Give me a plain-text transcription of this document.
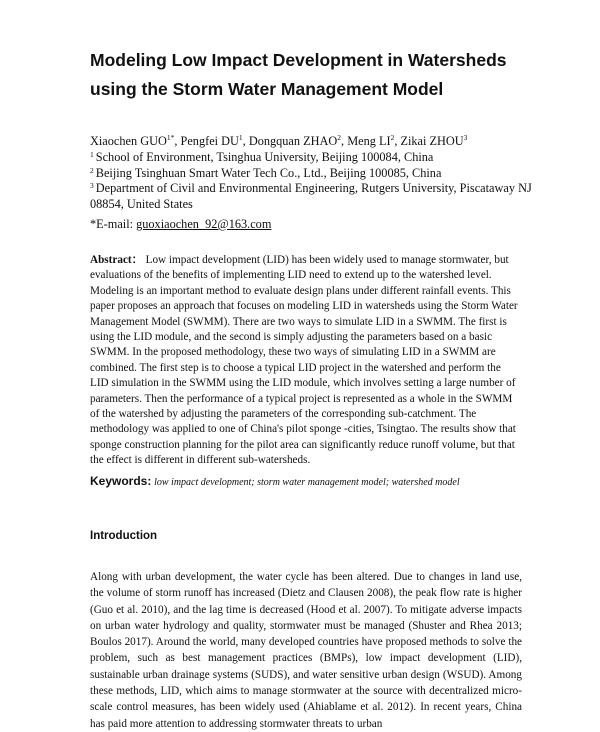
Modeling Low Impact Development in Watersheds
using the Storm Water Management Model
Xiaochen $GUO^{1*}$, Pengfei $DU^1$, Dongquan ZHAO$^2$, Meng $LI^2$, Zikai ZHOU$^3$
$^1$ School of Environment, Tsinghua University, Beijing 100084, China
$^2$ Beijing Tsinghuan Smart Water Tech Co., Ltd., Beijing 100085, China
$^3$ Department of Civil and Environmental Engineering, Rutgers University, Piscataway NJ 08854, United States
*E-mail: guoxiaochen_92@163.com
Abstract： Low impact development (LID) has been widely used to manage stormwater, but evaluations of the benefits of implementing LID need to extend up to the watershed level. Modeling is an important method to evaluate design plans under different rainfall events. This paper proposes an approach that focuses on modeling LID in watersheds using the Storm Water Management Model (SWMM). There are two ways to simulate LID in a SWMM. The first is using the LID module, and the second is simply adjusting the parameters based on a basic SWMM. In the proposed methodology, these two ways of simulating LID in a SWMM are combined. The first step is to choose a typical LID project in the watershed and perform the LID simulation in the SWMM using the LID module, which involves setting a large number of parameters. Then the performance of a typical project is represented as a whole in the SWMM of the watershed by adjusting the parameters of the corresponding sub-catchment. The methodology was applied to one of China's pilot sponge -cities, Tsingtao. The results show that sponge construction planning for the pilot area can significantly reduce runoff volume, but that the effect is different in different sub-watersheds.
Keywords: low impact development; storm water management model; watershed model
Introduction
Along with urban development, the water cycle has been altered. Due to changes in land use, the volume of storm runoff has increased (Dietz and Clausen 2008), the peak flow rate is higher (Guo et al. 2010), and the lag time is decreased (Hood et al. 2007). To mitigate adverse impacts on urban water hydrology and quality, stormwater must be managed (Shuster and Rhea 2013; Boulos 2017). Around the world, many developed countries have proposed methods to solve the problem, such as best management practices (BMPs), low impact development (LID), sustainable urban drainage systems (SUDS), and water sensitive urban design (WSUD). Among these methods, LID, which aims to manage stormwater at the source with decentralized micro-scale control measures, has been widely used (Ahiablame et al. 2012). In recent years, China has paid more attention to addressing stormwater threats to urban
